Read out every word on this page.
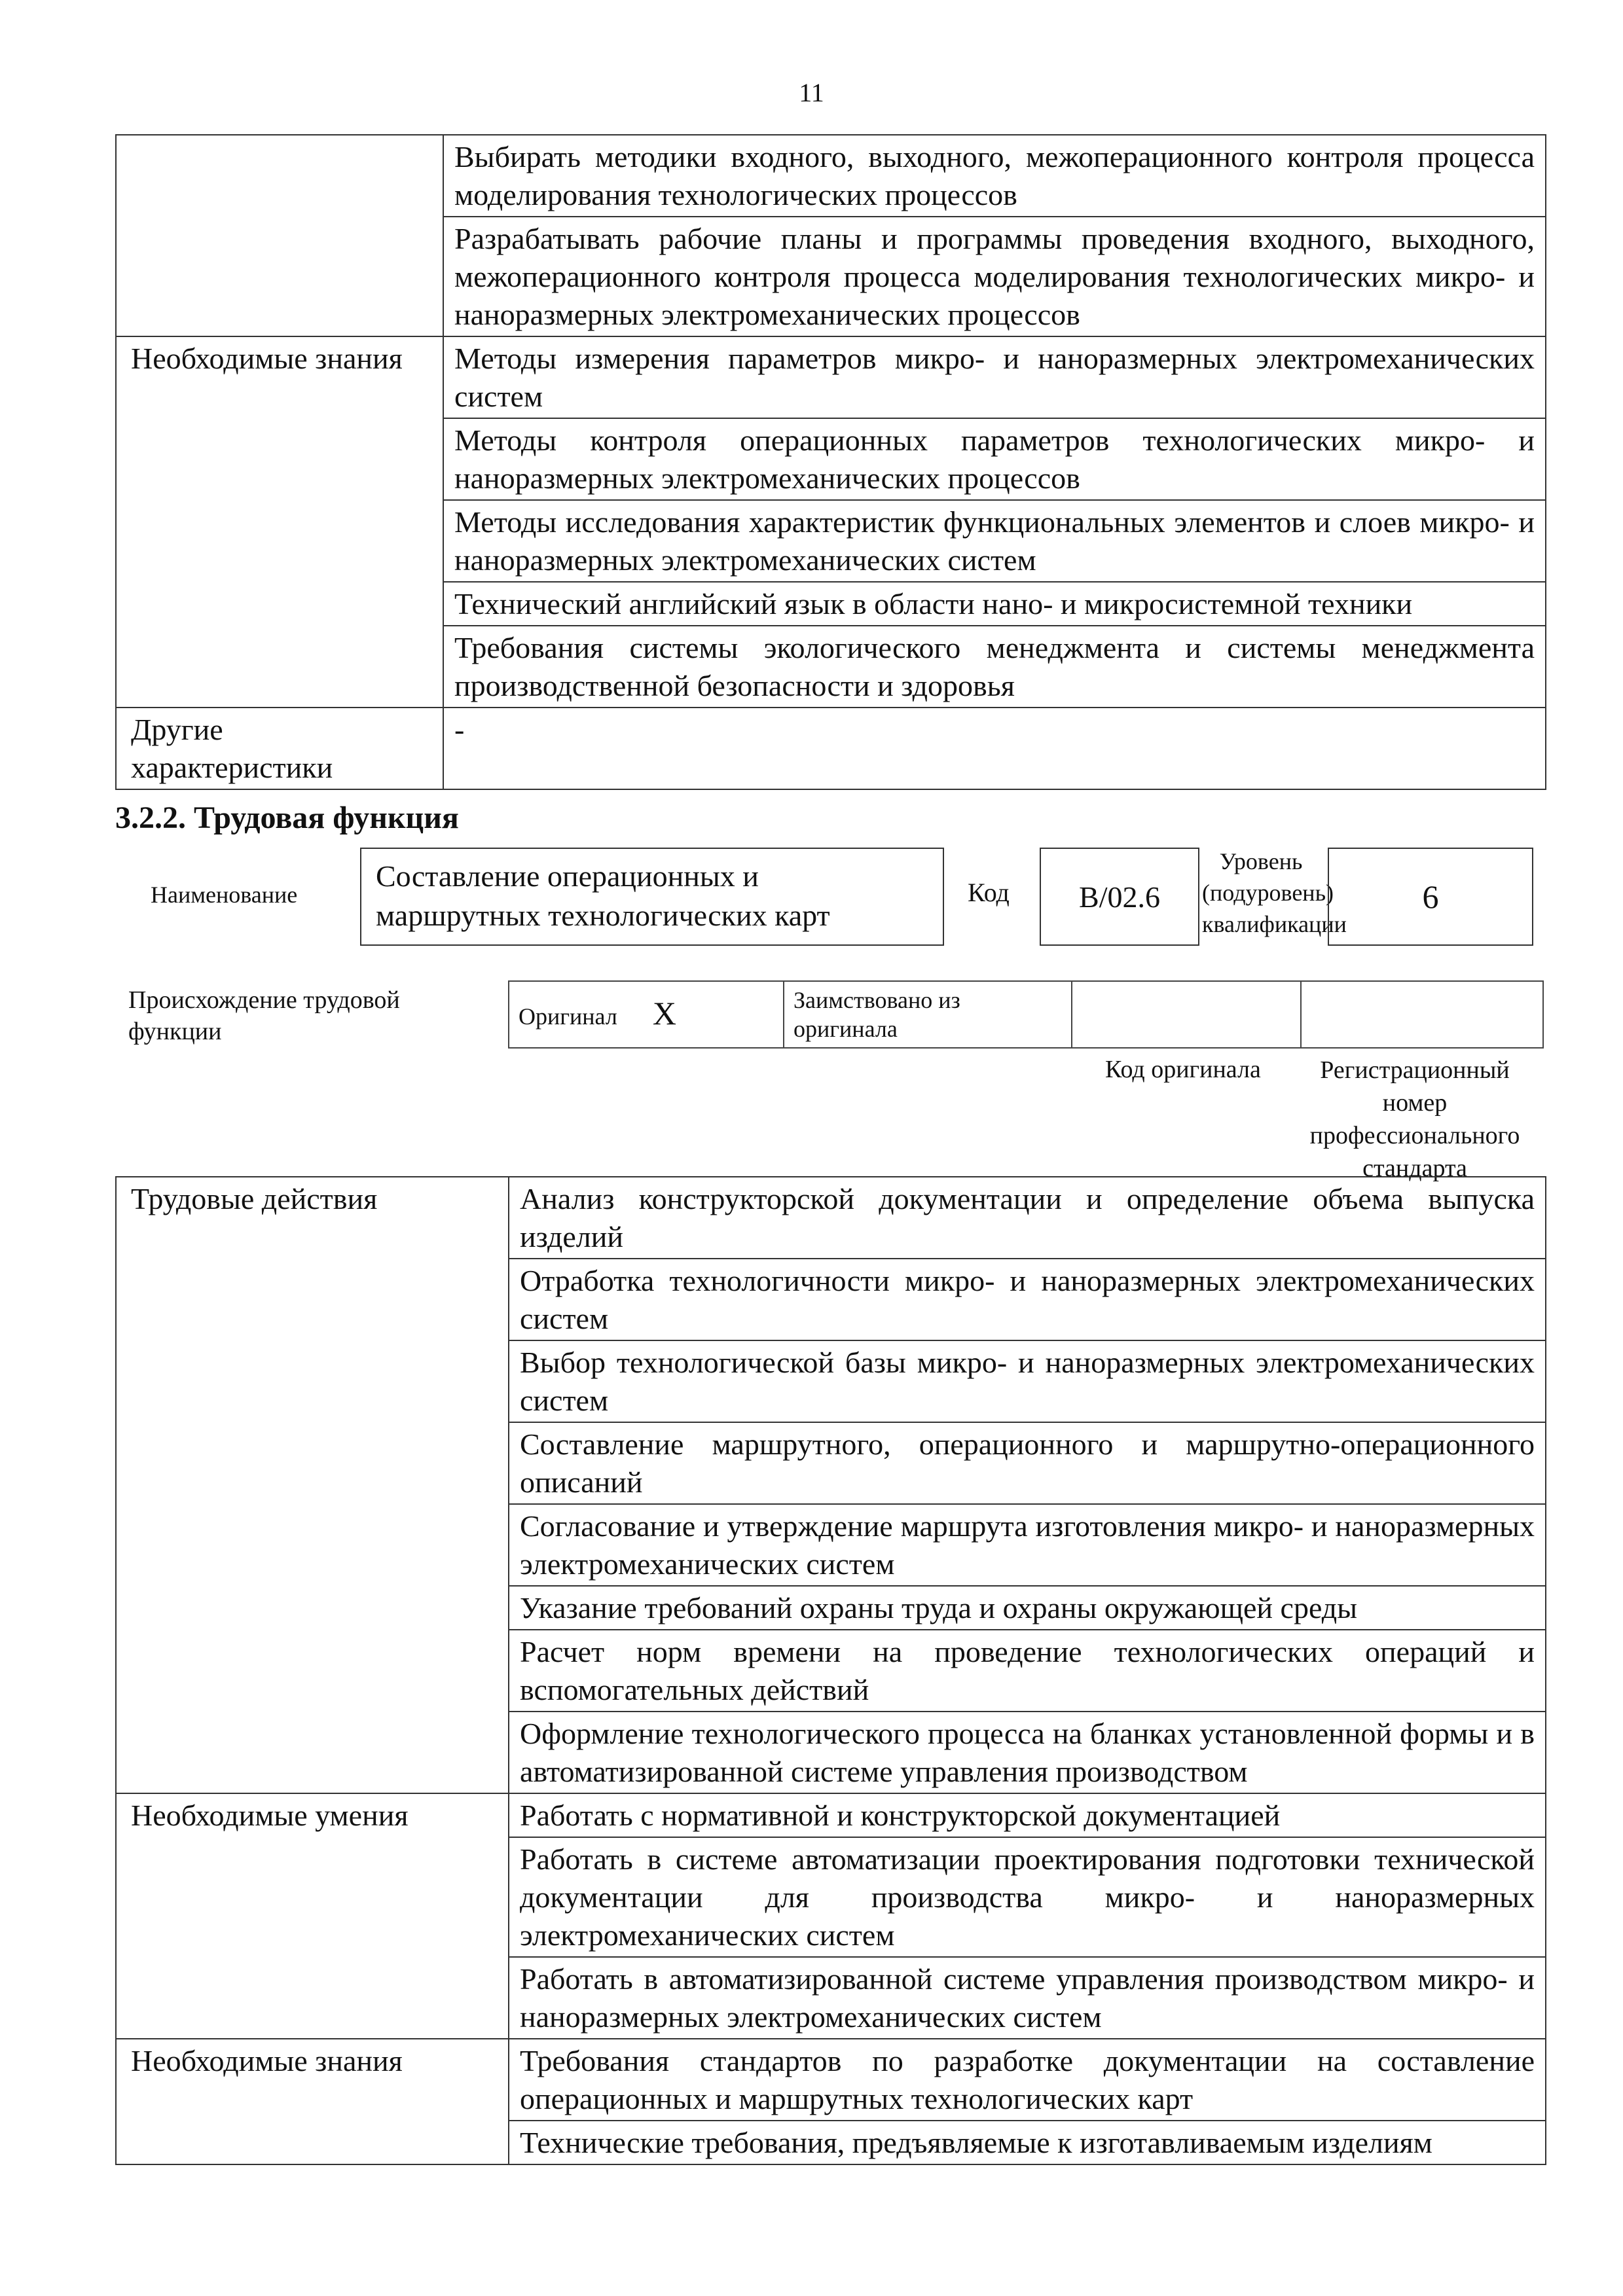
11
	Выбирать методики входного, выходного, межоперационного контроля процесса моделирования технологических процессов
	Разрабатывать рабочие планы и программы проведения входного, выходного, межоперационного контроля процесса моделирования технологических микро- и наноразмерных электромеханических процессов
Необходимые знания	Методы измерения параметров микро- и наноразмерных электромеханических систем
	Методы контроля операционных параметров технологических микро- и наноразмерных электромеханических процессов
	Методы исследования характеристик функциональных элементов и слоев микро- и наноразмерных электромеханических систем
	Технический английский язык в области нано- и микросистемной техники
	Требования системы экологического менеджмента и системы менеджмента производственной безопасности и здоровья
Другие характеристики	-
3.2.2. Трудовая функция
Наименование
Составление операционных и маршрутных технологических карт
Код	B/02.6
Уровень (подуровень) квалификации
6
Происхождение трудовой функции
Оригинал X	Заимствовано из оригинала		
Код оригинала	Регистрационный номер профессионального стандарта
Трудовые действия	Анализ конструкторской документации и определение объема выпуска изделий
	Отработка технологичности микро- и наноразмерных электромеханических систем
	Выбор технологической базы микро- и наноразмерных электромеханических систем
	Составление маршрутного, операционного и маршрутно-операционного описаний
	Согласование и утверждение маршрута изготовления микро- и наноразмерных электромеханических систем
	Указание требований охраны труда и охраны окружающей среды
	Расчет норм времени на проведение технологических операций и вспомогательных действий
	Оформление технологического процесса на бланках установленной формы и в автоматизированной системе управления производством
Необходимые умения	Работать с нормативной и конструкторской документацией
	Работать в системе автоматизации проектирования подготовки технической документации для производства микро- и наноразмерных электромеханических систем
	Работать в автоматизированной системе управления производством микро- и наноразмерных электромеханических систем
Необходимые знания	Требования стандартов по разработке документации на составление операционных и маршрутных технологических карт
	Технические требования, предъявляемые к изготавливаемым изделиям
